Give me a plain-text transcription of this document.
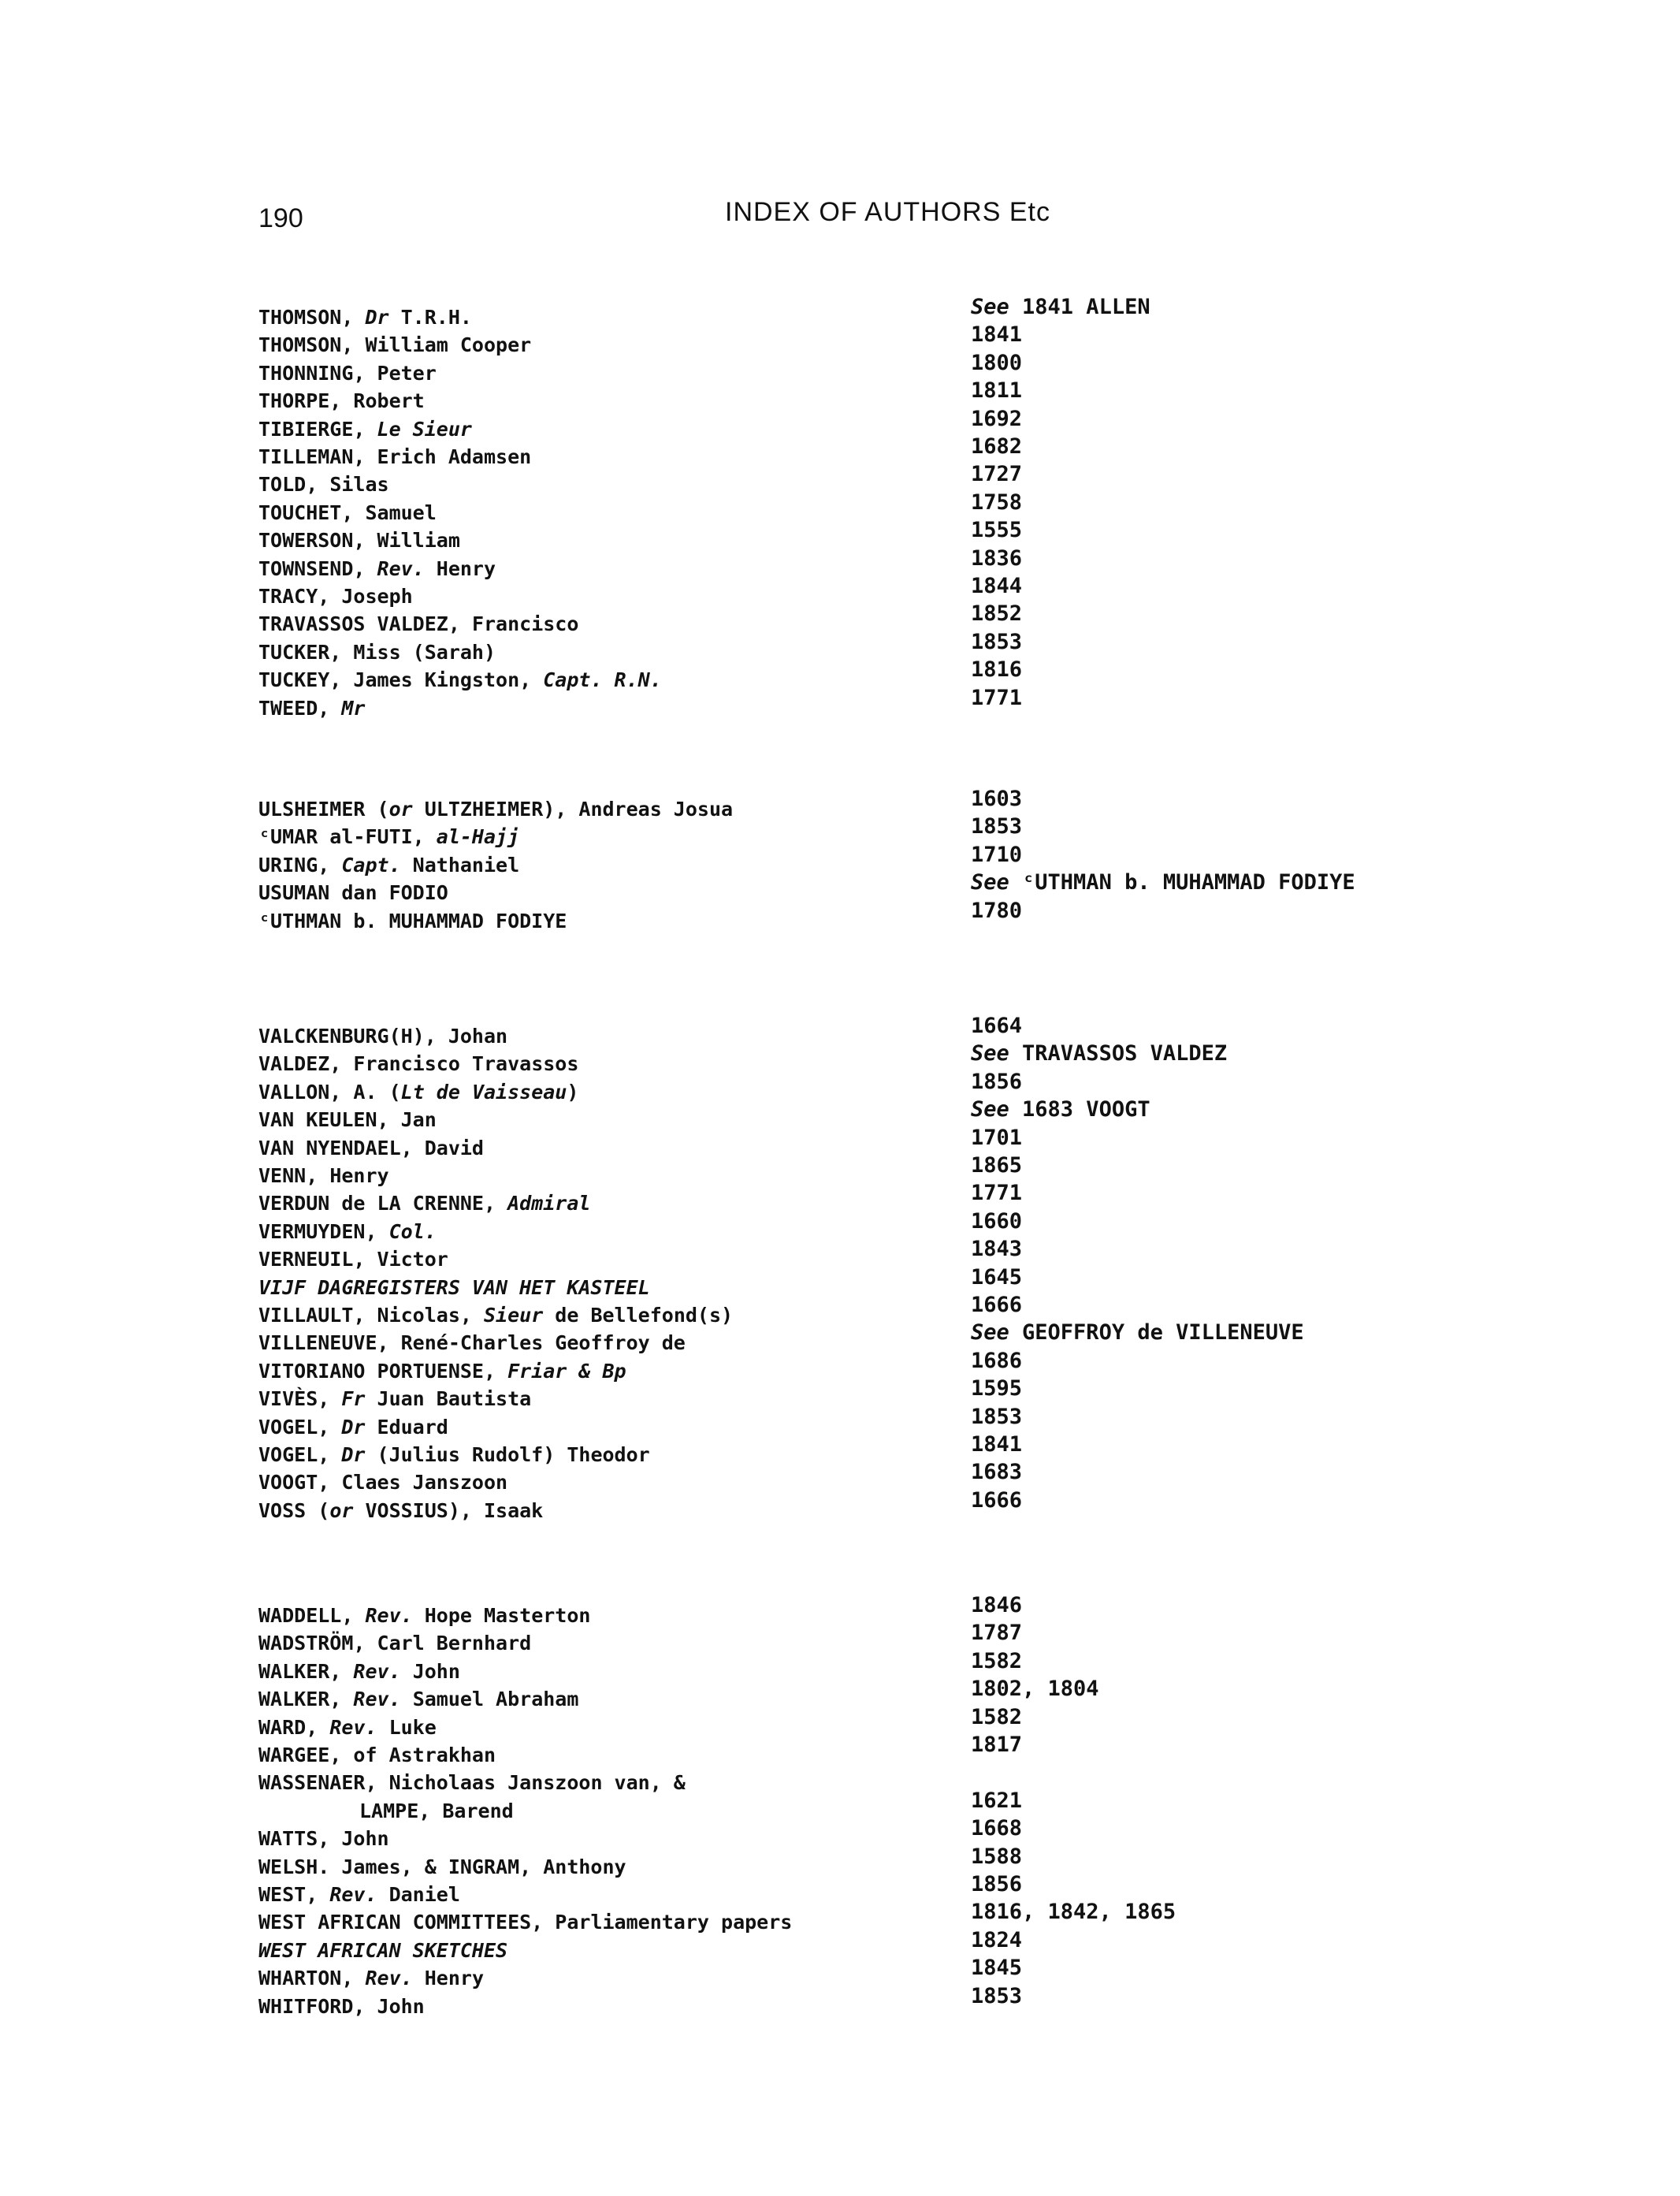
190	INDEX OF AUTHORS Etc
THOMSON, Dr T.R.H.	See 1841 ALLEN
THOMSON, William Cooper	1841
THONNING, Peter	1800
THORPE, Robert	1811
TIBIERGE, Le Sieur	1692
TILLEMAN, Erich Adamsen	1682
TOLD, Silas	1727
TOUCHET, Samuel	1758
TOWERSON, William	1555
TOWNSEND, Rev. Henry	1836
TRACY, Joseph	1844
TRAVASSOS VALDEZ, Francisco	1852
TUCKER, Miss (Sarah)	1853
TUCKEY, James Kingston, Capt. R.N.	1816
TWEED, Mr	1771
ULSHEIMER (or ULTZHEIMER), Andreas Josua	1603
ᶜUMAR al-FUTI, al-Hajj	1853
URING, Capt. Nathaniel	1710
USUMAN dan FODIO	See ᶜUTHMAN b. MUHAMMAD FODIYE
ᶜUTHMAN b. MUHAMMAD FODIYE	1780
VALCKENBURG(H), Johan	1664
VALDEZ, Francisco Travassos	See TRAVASSOS VALDEZ
VALLON, A. (Lt de Vaisseau)	1856
VAN KEULEN, Jan	See 1683 VOOGT
VAN NYENDAEL, David	1701
VENN, Henry	1865
VERDUN de LA CRENNE, Admiral	1771
VERMUYDEN, Col.	1660
VERNEUIL, Victor	1843
VIJF DAGREGISTERS VAN HET KASTEEL	1645
VILLAULT, Nicolas, Sieur de Bellefond(s)	1666
VILLENEUVE, René-Charles Geoffroy de	See GEOFFROY de VILLENEUVE
VITORIANO PORTUENSE, Friar & Bp	1686
VIVÈS, Fr Juan Bautista	1595
VOGEL, Dr Eduard	1853
VOGEL, Dr (Julius Rudolf) Theodor	1841
VOOGT, Claes Janszoon	1683
VOSS (or VOSSIUS), Isaak	1666
WADDELL, Rev. Hope Masterton	1846
WADSTRÖM, Carl Bernhard	1787
WALKER, Rev. John	1582
WALKER, Rev. Samuel Abraham	1802, 1804
WARD, Rev. Luke	1582
WARGEE, of Astrakhan	1817
WASSENAER, Nicholaas Janszoon van, &
LAMPE, Barend	1621
WATTS, John	1668
WELSH. James, & INGRAM, Anthony	1588
WEST, Rev. Daniel	1856
WEST AFRICAN COMMITTEES, Parliamentary papers	1816, 1842, 1865
WEST AFRICAN SKETCHES	1824
WHARTON, Rev. Henry	1845
WHITFORD, John	1853
